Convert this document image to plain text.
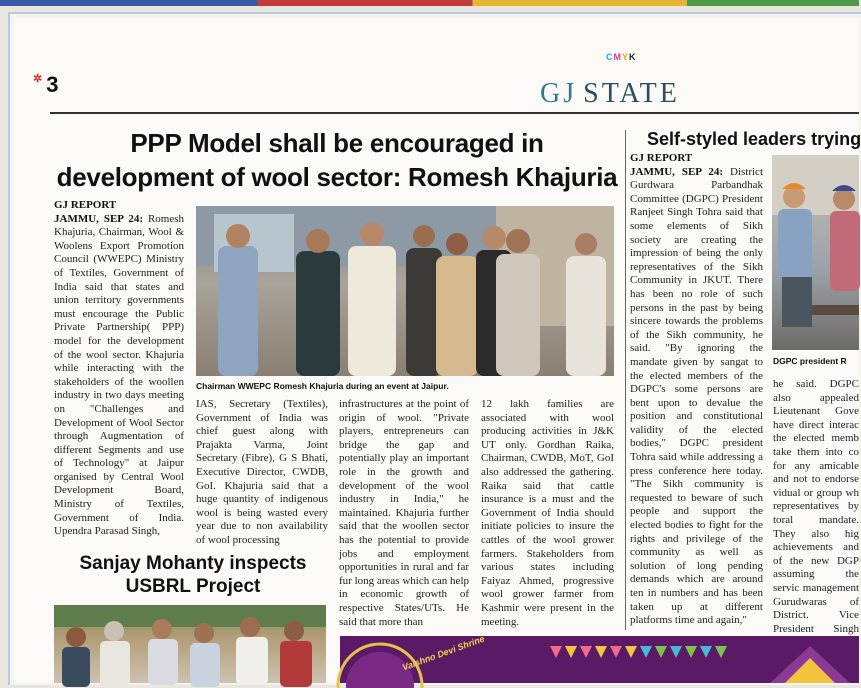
CMYK
✲ 3	GJ STATE
PPP Model shall be encouraged in development of wool sector: Romesh Khajuria
GJ REPORT
JAMMU, SEP 24: Romesh Khajuria, Chairman, Wool & Woolens Export Promotion Council (WWEPC) Ministry of Textiles, Government of India said that states and union territory governments must encourage the Public Private Partnership( PPP) model for the development of the wool sector. Khajuria while interacting with the stakeholders of the woollen industry in two days meeting on "Challenges and Development of Wool Sector through Augmentation of different Segments and use of Technology" at Jaipur organised by Central Wool Development Board, Ministry of Textiles, Government of India. Upendra Parasad Singh,
Chairman WWEPC Romesh Khajuria during an event at Jaipur.
IAS, Secretary (Textiles), Government of India was chief guest along with Prajakta Varma, Joint Secretary (Fibre), G S Bhati, Executive Director, CWDB, GoI. Khajuria said that a huge quantity of indigenous wool is being wasted every year due to non availability of wool processing
infrastructures at the point of origin of wool. "Private players, entrepreneurs can bridge the gap and potentially play an important role in the growth and development of the wool industry in India," he maintained. Khajuria further said that the woollen sector has the potential to provide jobs and employment opportunities in rural and far fur long areas which can help in economic growth of respective States/UTs. He said that more than
12 lakh families are associated with wool producing activities in J&K UT only. Gordhan Raika, Chairman, CWDB, MoT, GoI also addressed the gathering. Raika said that cattle insurance is a must and the Government of India should initiate policies to insure the cattles of the wool grower farmers. Stakeholders from various states including Faiyaz Ahmed, progressive wool grower farmer from Kashmir were present in the meeting.
Self-styled leaders trying
GJ REPORT
JAMMU, SEP 24: District Gurdwara Parbandhak Committee (DGPC) President Ranjeet Singh Tohra said that some elements of Sikh society are creating the impression of being the only representatives of the Sikh Community in JKUT. There has been no role of such persons in the past by being sincere towards the problems of the Sikh community, he said. "By ignoring the mandate given by sangat to the elected members of the DGPC's some persons are bent upon to devalue the position and constitutional validity of the elected bodies," DGPC president Tohra said while addressing a press conference here today. "The Sikh community is requested to beware of such people and support the elected bodies to fight for the rights and privilege of the community as well as solution of long pending demands which are around ten in numbers and has been taken up at different platforms time and again,"
DGPC president R
he said. DGPC also appealed Lieutenant Gove have direct interac the elected memb take them into co for any amicable and not to endorse vidual or group wh representatives by toral mandate. They also hig achievements and of the new DGP assuming the servic management Gurudwaras of District. Vice President Singh
Sanjay Mohanty inspects USBRL Project
Vaishno Devi Shrine
